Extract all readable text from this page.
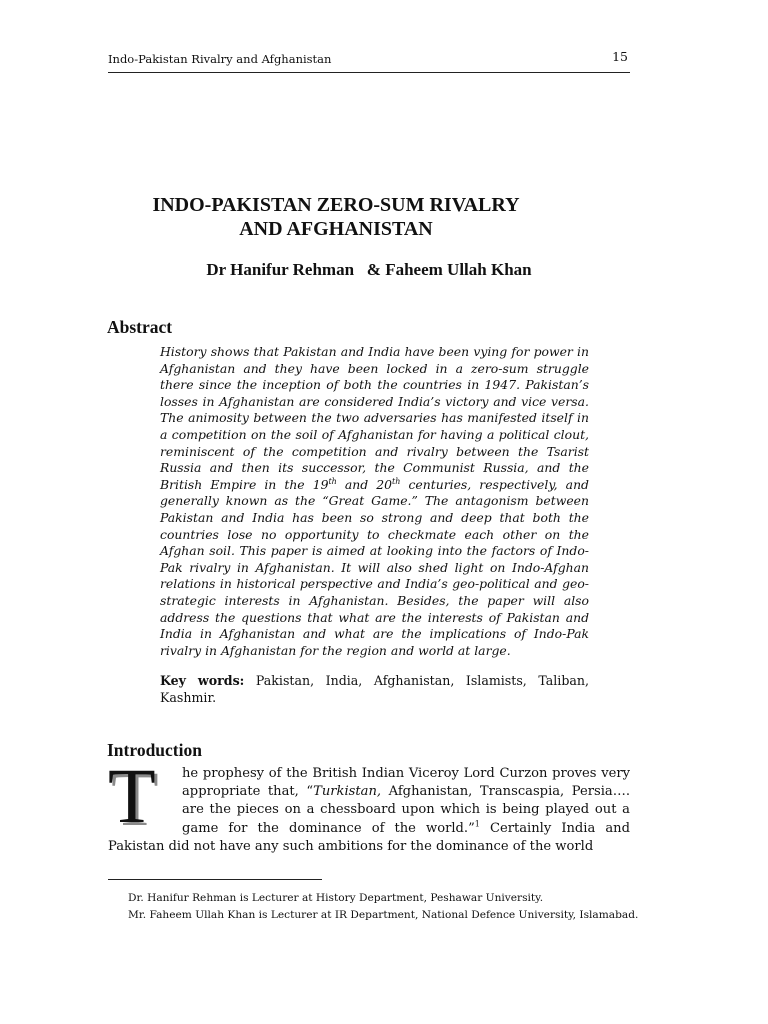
Indo-Pakistan Rivalry and Afghanistan	15
INDO-PAKISTAN ZERO-SUM RIVALRY
AND AFGHANISTAN
Dr Hanifur Rehman   & Faheem Ullah Khan
Abstract
History shows that Pakistan and India have been vying for power in Afghanistan and they have been locked in a zero-sum struggle there since the inception of both the countries in 1947. Pakistan’s losses in Afghanistan are considered India’s victory and vice versa. The animosity between the two adversaries has manifested itself in a competition on the soil of Afghanistan for having a political clout, reminiscent of the competition and rivalry between the Tsarist Russia and then its successor, the Communist Russia, and the British Empire in the 19th and 20th centuries, respectively, and generally known as the “Great Game.” The antagonism between Pakistan and India has been so strong and deep that both the countries lose no opportunity to checkmate each other on the Afghan soil. This paper is aimed at looking into the factors of Indo-Pak rivalry in Afghanistan. It will also shed light on Indo-Afghan relations in historical perspective and India’s geo-political and geo-strategic interests in Afghanistan. Besides, the paper will also address the questions that what are the interests of Pakistan and India in Afghanistan and what are the implications of Indo-Pak rivalry in Afghanistan for the region and world at large.
Key words: Pakistan, India, Afghanistan, Islamists, Taliban, Kashmir.
Introduction
T	he prophesy of the British Indian Viceroy Lord Curzon proves very appropriate that, “Turkistan, Afghanistan, Transcaspia, Persia…. are the pieces on a chessboard upon which is being played out a game for the dominance of the world.”$^1$ Certainly India and Pakistan did not have any such ambitions for the dominance of the world
Dr. Hanifur Rehman is Lecturer at History Department, Peshawar University.
Mr. Faheem Ullah Khan is Lecturer at IR Department, National Defence University, Islamabad.
